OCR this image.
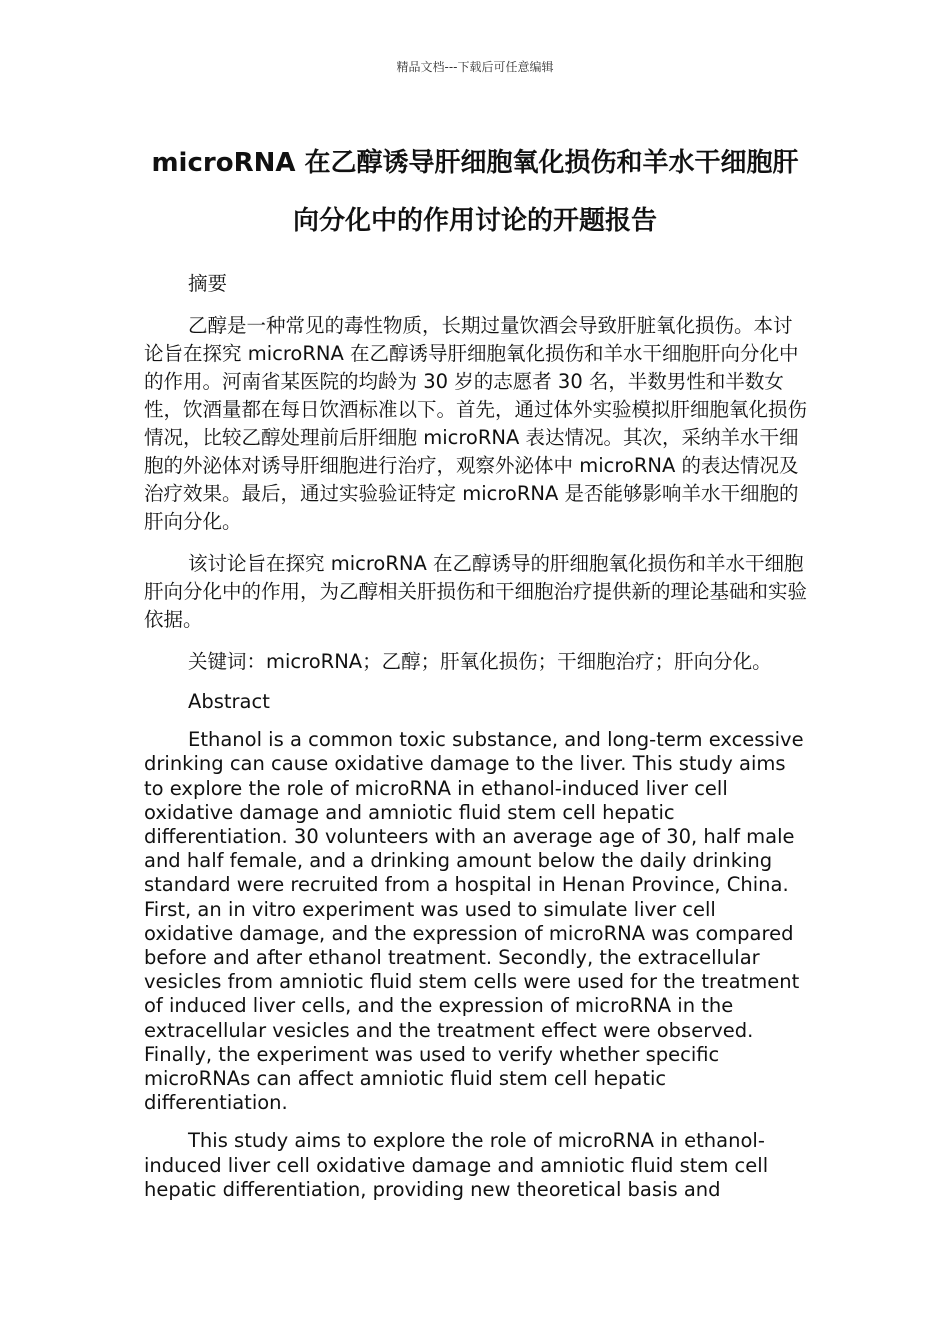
精品文档---下载后可任意编辑
microRNA 在乙醇诱导肝细胞氧化损伤和羊水干细胞肝向分化中的作用讨论的开题报告

摘要

乙醇是一种常见的毒性物质，长期过量饮酒会导致肝脏氧化损伤。本讨论旨在探究 microRNA 在乙醇诱导肝细胞氧化损伤和羊水干细胞肝向分化中的作用。河南省某医院的均龄为 30 岁的志愿者 30 名，半数男性和半数女性，饮酒量都在每日饮酒标准以下。首先，通过体外实验模拟肝细胞氧化损伤情况，比较乙醇处理前后肝细胞 microRNA 表达情况。其次，采纳羊水干细胞的外泌体对诱导肝细胞进行治疗，观察外泌体中 microRNA 的表达情况及治疗效果。最后，通过实验验证特定 microRNA 是否能够影响羊水干细胞的肝向分化。

该讨论旨在探究 microRNA 在乙醇诱导的肝细胞氧化损伤和羊水干细胞肝向分化中的作用，为乙醇相关肝损伤和干细胞治疗提供新的理论基础和实验依据。

关键词：microRNA；乙醇；肝氧化损伤；干细胞治疗；肝向分化。

Abstract

Ethanol is a common toxic substance, and long-term excessive drinking can cause oxidative damage to the liver. This study aims to explore the role of microRNA in ethanol-induced liver cell oxidative damage and amniotic fluid stem cell hepatic differentiation. 30 volunteers with an average age of 30, half male and half female, and a drinking amount below the daily drinking standard were recruited from a hospital in Henan Province, China. First, an in vitro experiment was used to simulate liver cell oxidative damage, and the expression of microRNA was compared before and after ethanol treatment. Secondly, the extracellular vesicles from amniotic fluid stem cells were used for the treatment of induced liver cells, and the expression of microRNA in the extracellular vesicles and the treatment effect were observed. Finally, the experiment was used to verify whether specific microRNAs can affect amniotic fluid stem cell hepatic differentiation.

This study aims to explore the role of microRNA in ethanol-induced liver cell oxidative damage and amniotic fluid stem cell hepatic differentiation, providing new theoretical basis and
